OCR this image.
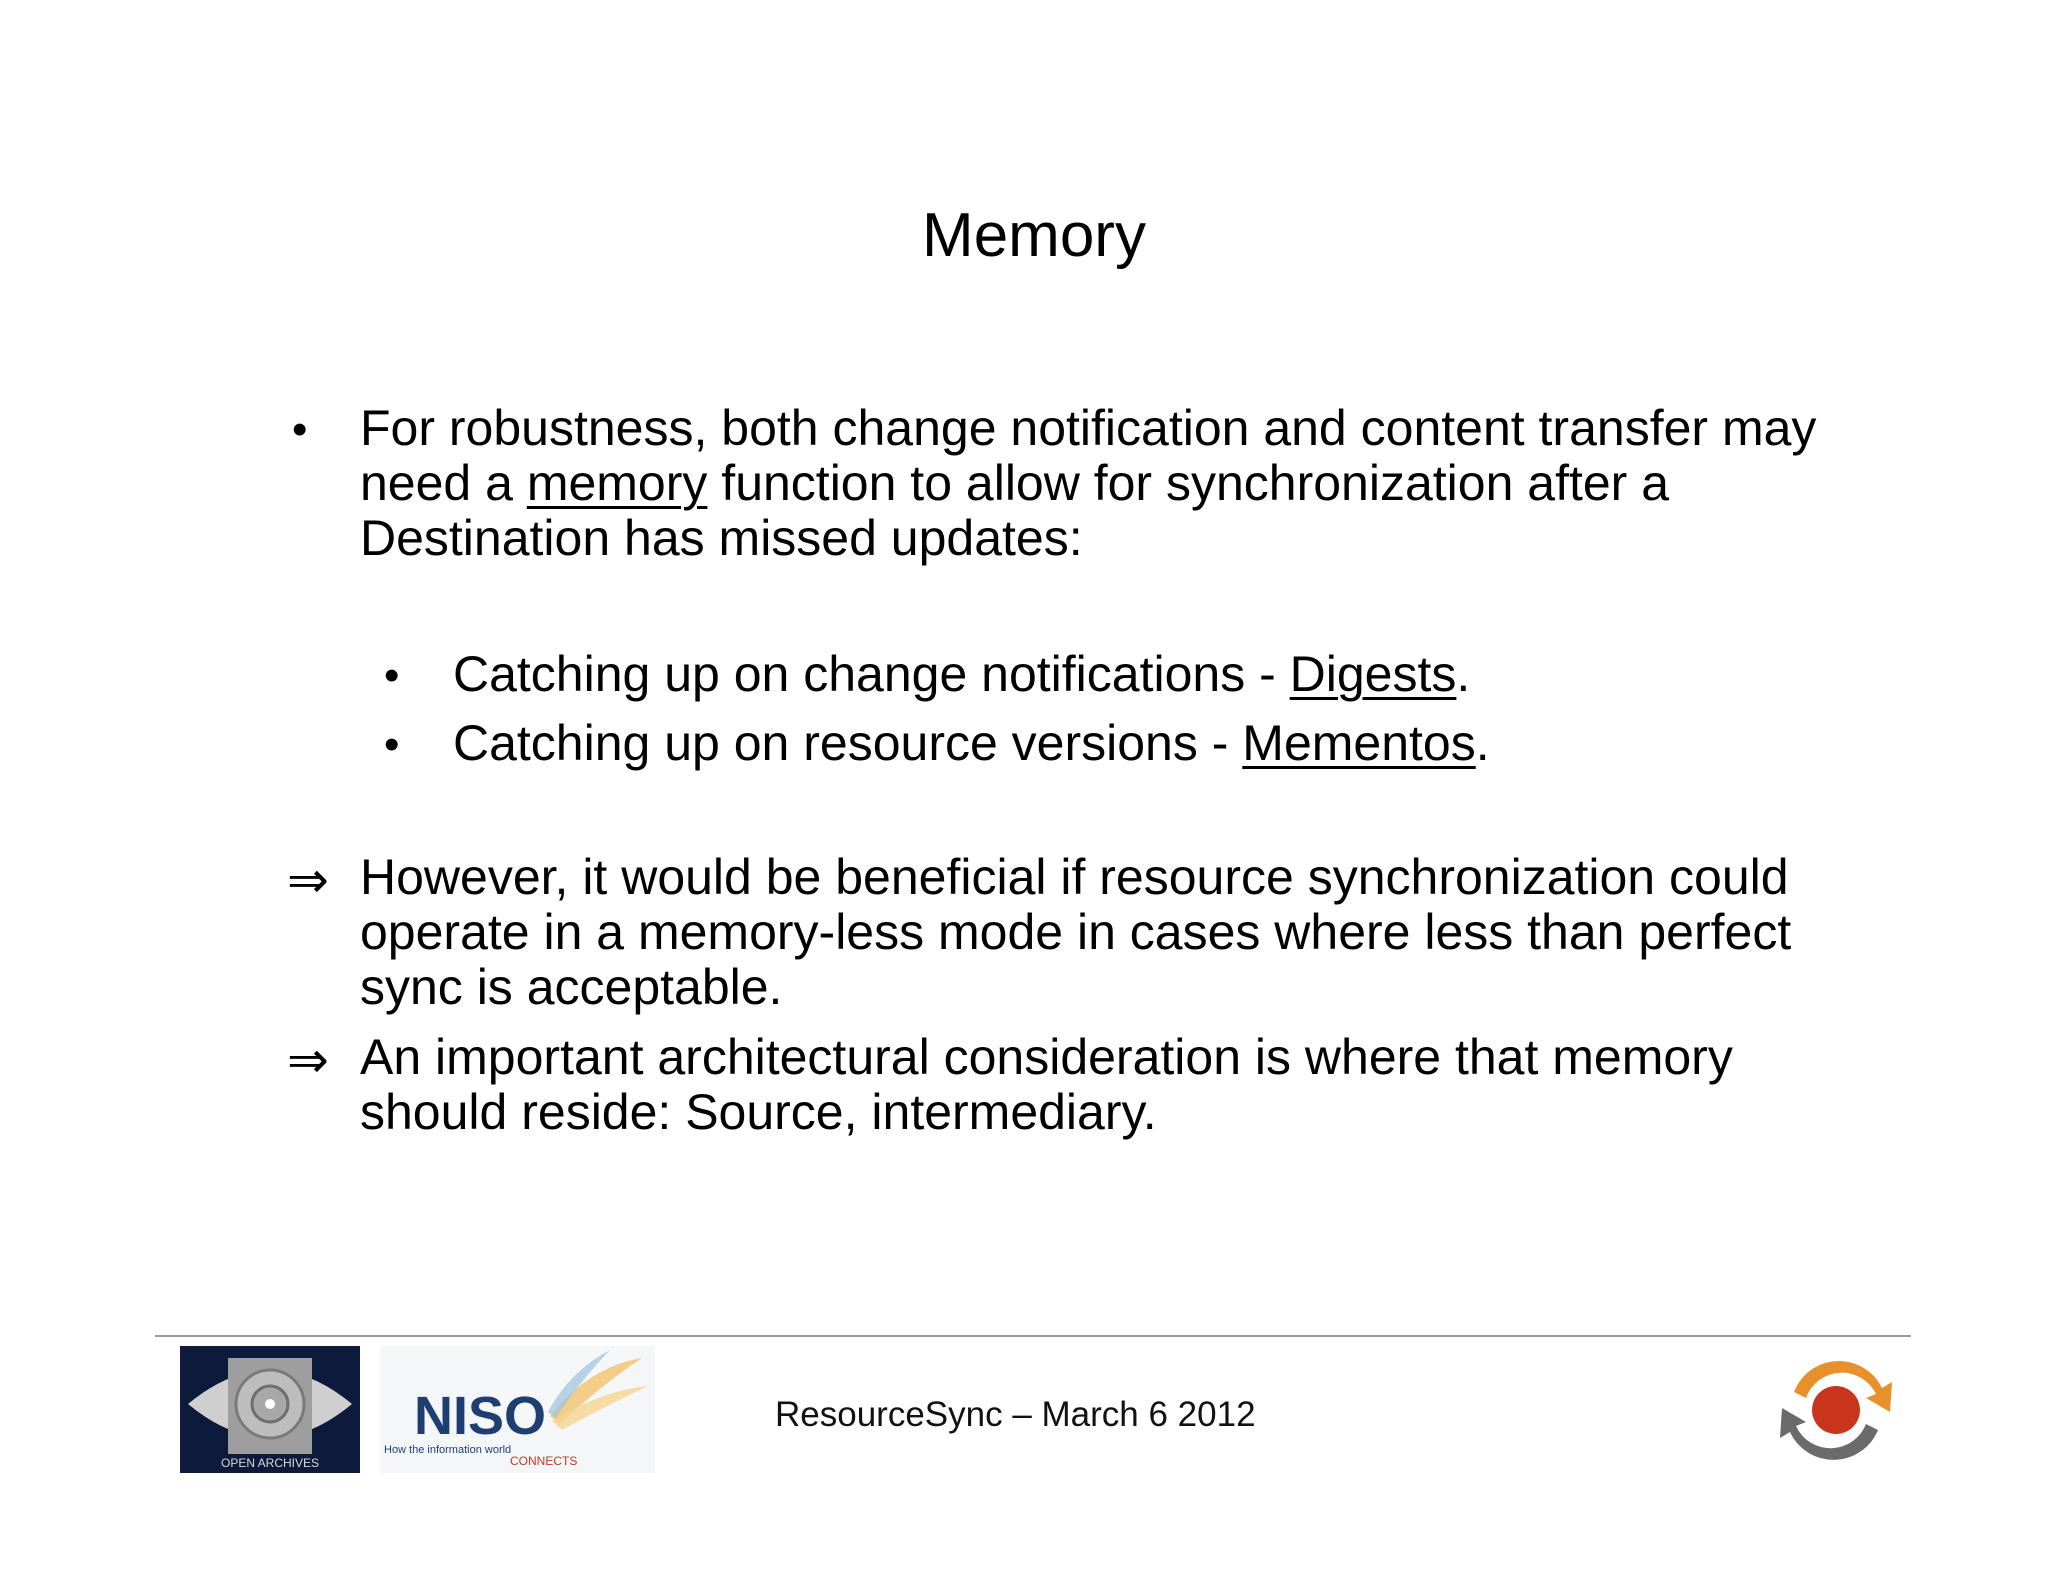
Memory
• For robustness, both change notification and content transfer may need a memory function to allow for synchronization after a Destination has missed updates:
• Catching up on change notifications - Digests.
• Catching up on resource versions - Mementos.
⇒ However, it would be beneficial if resource synchronization could operate in a memory-less mode in cases where less than perfect sync is acceptable.
⇒ An important architectural consideration is where that memory should reside: Source, intermediary.
OPEN ARCHIVES
NISO
How the information world
CONNECTS
ResourceSync – March 6 2012
